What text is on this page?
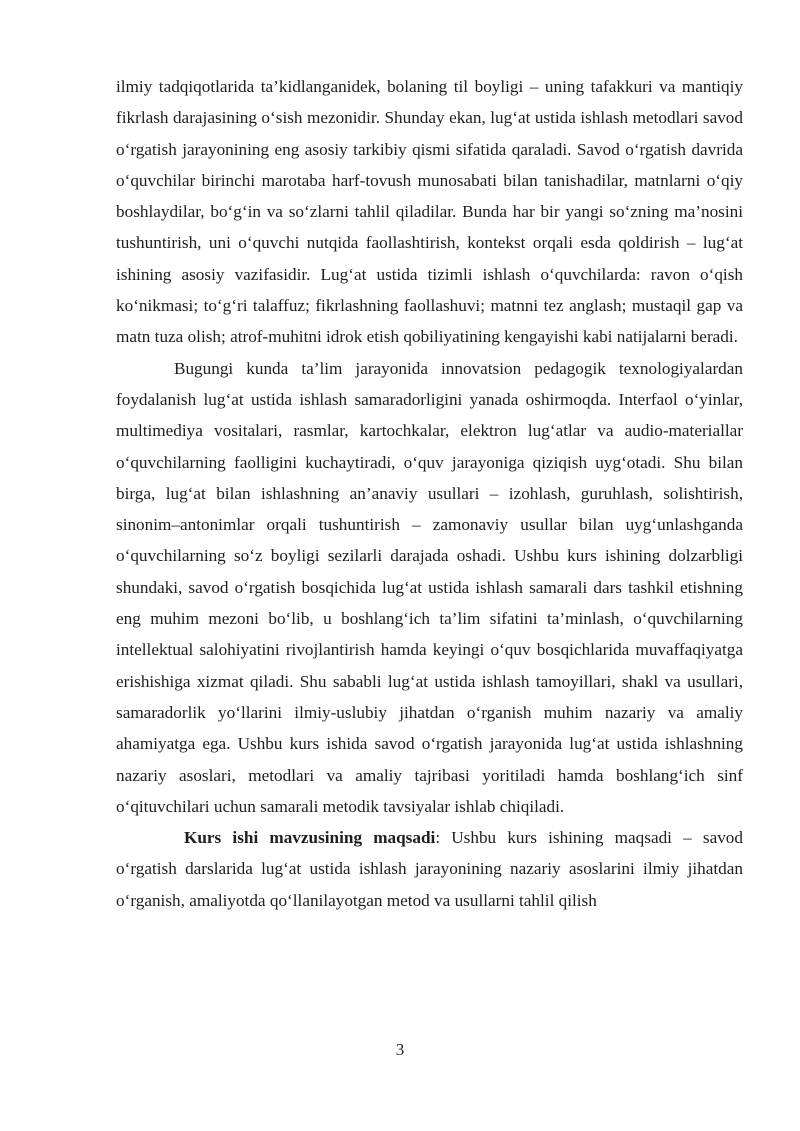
ilmiy tadqiqotlarida ta’kidlanganidek, bolaning til boyligi – uning tafakkuri va mantiqiy fikrlash darajasining o‘sish mezonidir. Shunday ekan, lug‘at ustida ishlash metodlari savod o‘rgatish jarayonining eng asosiy tarkibiy qismi sifatida qaraladi. Savod o‘rgatish davrida o‘quvchilar birinchi marotaba harf-tovush munosabati bilan tanishadilar, matnlarni o‘qiy boshlaydilar, bo‘g‘in va so‘zlarni tahlil qiladilar. Bunda har bir yangi so‘zning ma’nosini tushuntirish, uni o‘quvchi nutqida faollashtirish, kontekst orqali esda qoldirish – lug‘at ishining asosiy vazifasidir. Lug‘at ustida tizimli ishlash o‘quvchilarda: ravon o‘qish ko‘nikmasi; to‘g‘ri talaffuz; fikrlashning faollashuvi; matnni tez anglash; mustaqil gap va matn tuza olish; atrof-muhitni idrok etish qobiliyatining kengayishi kabi natijalarni beradi.

Bugungi kunda ta’lim jarayonida innovatsion pedagogik texnologiyalardan foydalanish lug‘at ustida ishlash samaradorligini yanada oshirmoqda. Interfaol o‘yinlar, multimediya vositalari, rasmlar, kartochkalar, elektron lug‘atlar va audio-materiallar o‘quvchilarning faolligini kuchaytiradi, o‘quv jarayoniga qiziqish uyg‘otadi. Shu bilan birga, lug‘at bilan ishlashning an’anaviy usullari – izohlash, guruhlash, solishtirish, sinonim–antonimlar orqali tushuntirish – zamonaviy usullar bilan uyg‘unlashganda o‘quvchilarning so‘z boyligi sezilarli darajada oshadi. Ushbu kurs ishining dolzarbligi shundaki, savod o‘rgatish bosqichida lug‘at ustida ishlash samarali dars tashkil etishning eng muhim mezoni bo‘lib, u boshlang‘ich ta’lim sifatini ta’minlash, o‘quvchilarning intellektual salohiyatini rivojlantirish hamda keyingi o‘quv bosqichlarida muvaffaqiyatga erishishiga xizmat qiladi. Shu sababli lug‘at ustida ishlash tamoyillari, shakl va usullari, samaradorlik yo‘llarini ilmiy-uslubiy jihatdan o‘rganish muhim nazariy va amaliy ahamiyatga ega. Ushbu kurs ishida savod o‘rgatish jarayonida lug‘at ustida ishlashning nazariy asoslari, metodlari va amaliy tajribasi yoritiladi hamda boshlang‘ich sinf o‘qituvchilari uchun samarali metodik tavsiyalar ishlab chiqiladi.

Kurs ishi mavzusining maqsadi: Ushbu kurs ishining maqsadi – savod o‘rgatish darslarida lug‘at ustida ishlash jarayonining nazariy asoslarini ilmiy jihatdan o‘rganish, amaliyotda qo‘llanilayotgan metod va usullarni tahlil qilish

3
